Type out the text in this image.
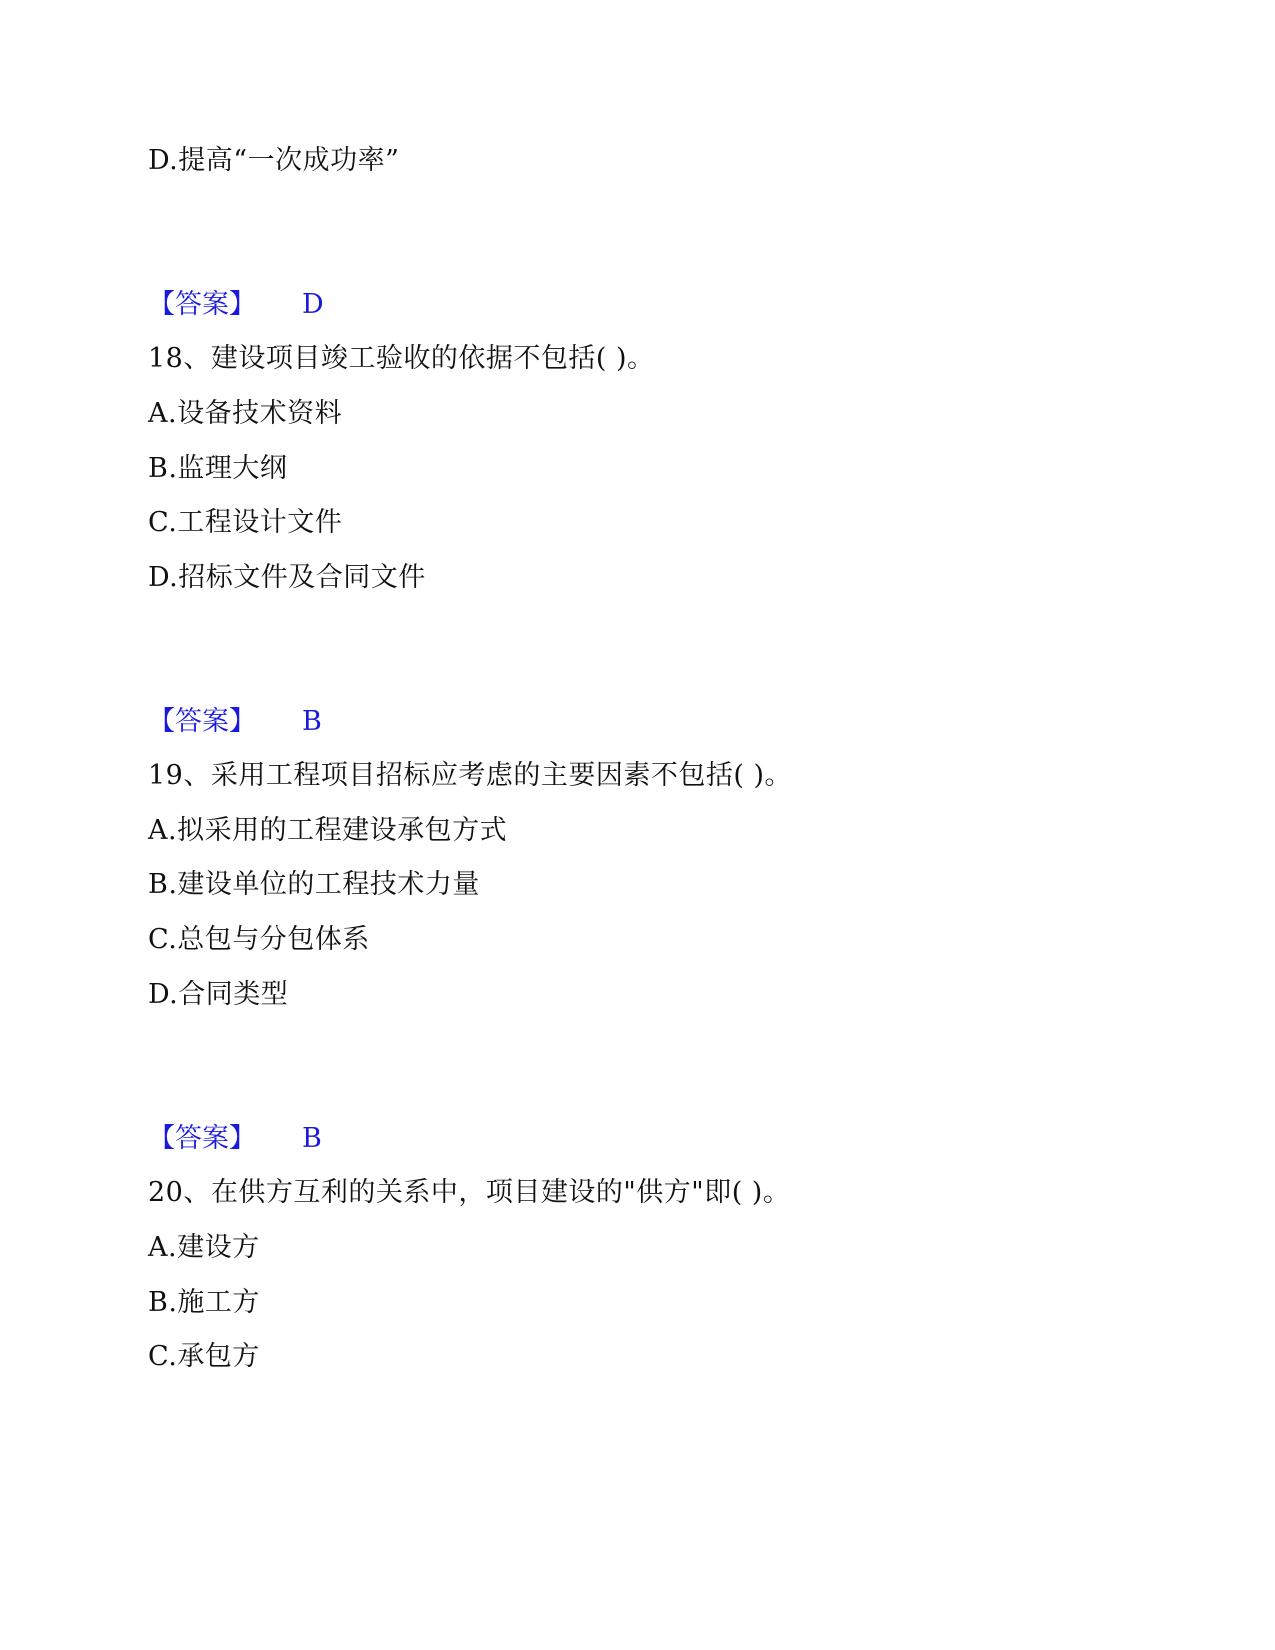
D.提高“一次成功率”
【答案】 D
18、建设项目竣工验收的依据不包括( )。
A.设备技术资料
B.监理大纲
C.工程设计文件
D.招标文件及合同文件
【答案】 B
19、采用工程项目招标应考虑的主要因素不包括( )。
A.拟采用的工程建设承包方式
B.建设单位的工程技术力量
C.总包与分包体系
D.合同类型
【答案】 B
20、在供方互利的关系中，项目建设的"供方"即( )。
A.建设方
B.施工方
C.承包方
